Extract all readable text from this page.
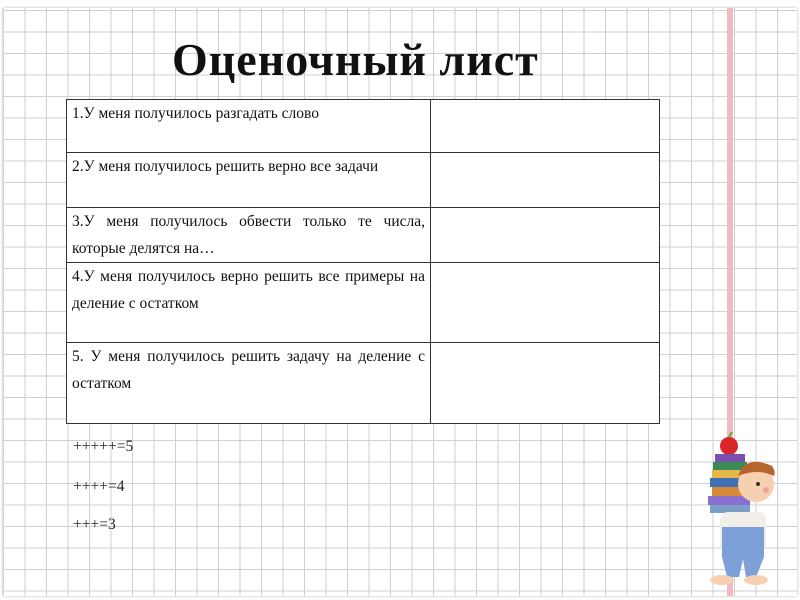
Оценочный лист
1.У меня получилось разгадать слово	
2.У меня получилось решить верно все задачи	
3.У меня получилось обвести только те числа, которые делятся на…	
4.У меня получилось верно решить все примеры на деление с остатком	
5. У меня получилось решить задачу на деление с остатком	
+++++=5
++++=4
+++=3
